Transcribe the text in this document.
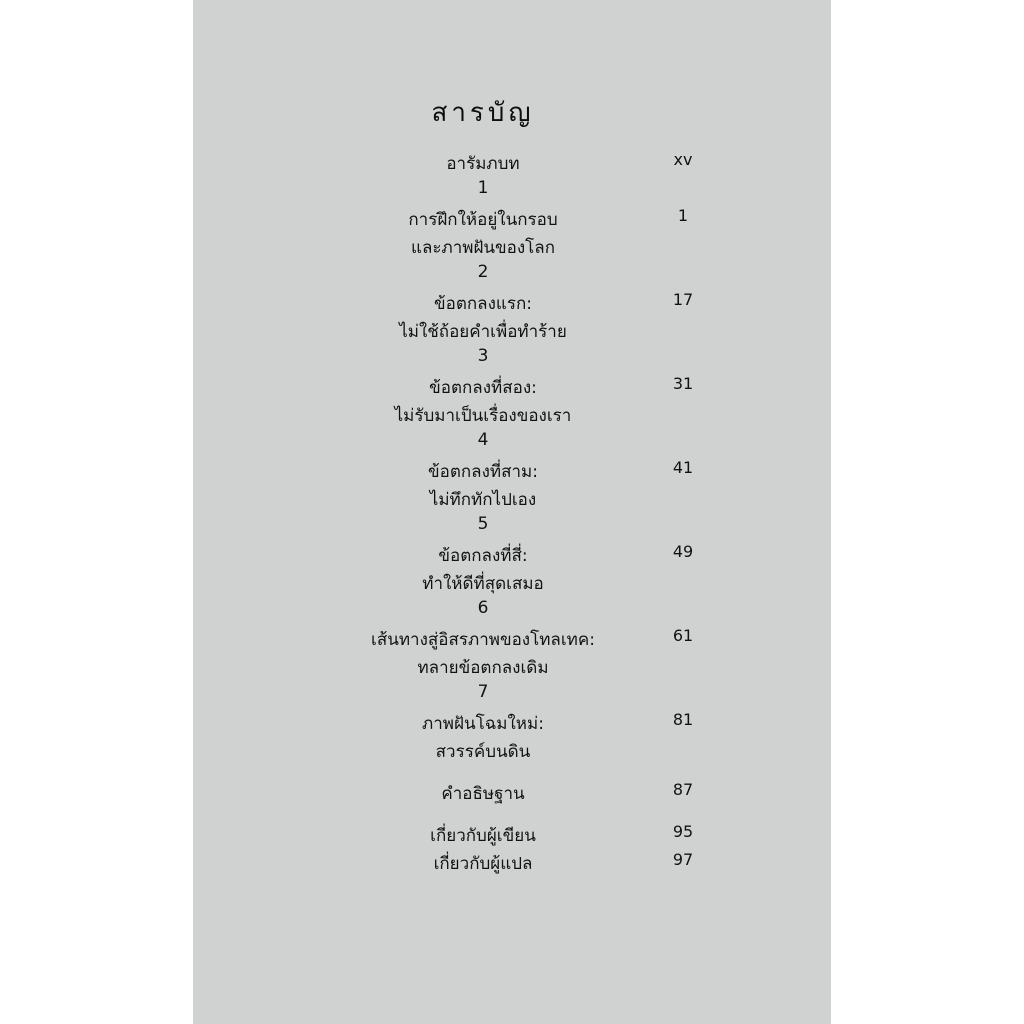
สารบัญ
อารัมภบท	xv
1
การฝึกให้อยู่ในกรอบ	1
และภาพฝันของโลก
2
ข้อตกลงแรก:	17
ไม่ใช้ถ้อยคำเพื่อทำร้าย
3
ข้อตกลงที่สอง:	31
ไม่รับมาเป็นเรื่องของเรา
4
ข้อตกลงที่สาม:	41
ไม่ทึกทักไปเอง
5
ข้อตกลงที่สี่:	49
ทำให้ดีที่สุดเสมอ
6
เส้นทางสู่อิสรภาพของโทลเทค:	61
ทลายข้อตกลงเดิม
7
ภาพฝันโฉมใหม่:	81
สวรรค์บนดิน
คำอธิษฐาน	87
เกี่ยวกับผู้เขียน	95
เกี่ยวกับผู้แปล	97
